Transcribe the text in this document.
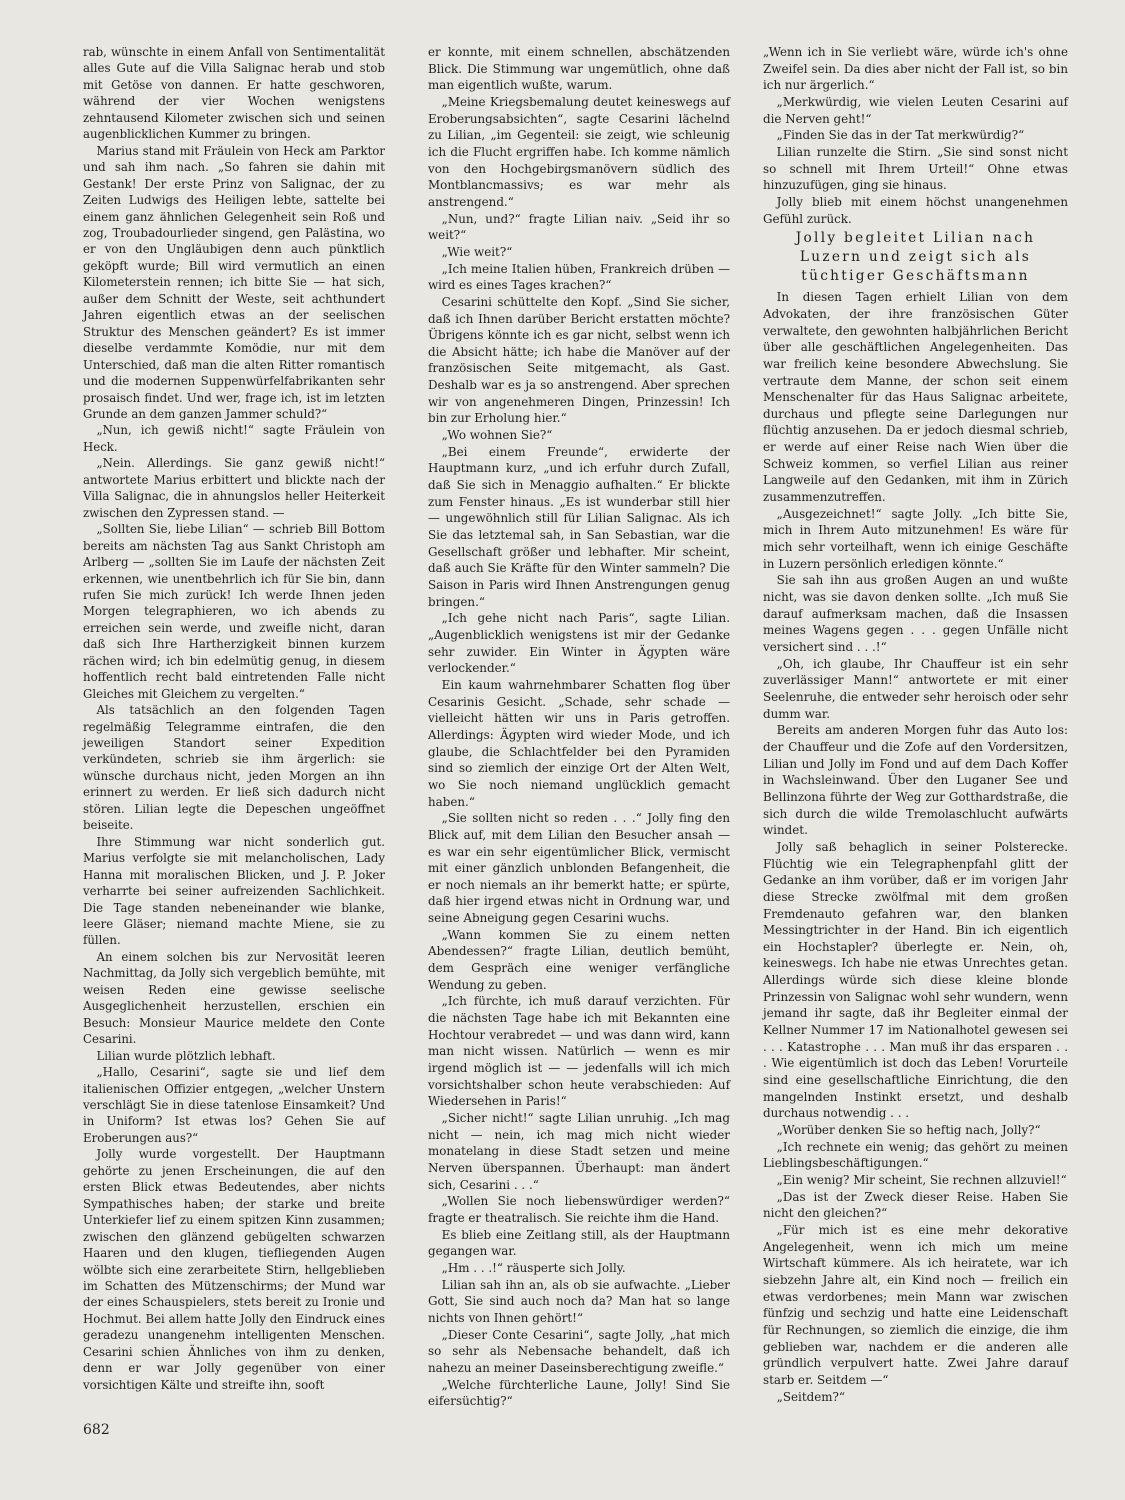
rab, wünschte in einem Anfall von Sentimentalität alles Gute auf die Villa Salignac herab und stob mit Getöse von dannen. Er hatte geschworen, während der vier Wochen wenigstens zehntausend Kilometer zwischen sich und seinen augenblicklichen Kummer zu bringen.

Marius stand mit Fräulein von Heck am Parktor und sah ihm nach. „So fahren sie dahin mit Gestank! Der erste Prinz von Salignac, der zu Zeiten Ludwigs des Heiligen lebte, sattelte bei einem ganz ähnlichen Gelegenheit sein Roß und zog, Troubadourlieder singend, gen Palästina, wo er von den Ungläubigen denn auch pünktlich geköpft wurde; Bill wird vermutlich an einen Kilometerstein rennen; ich bitte Sie — hat sich, außer dem Schnitt der Weste, seit achthundert Jahren eigentlich etwas an der seelischen Struktur des Menschen geändert? Es ist immer dieselbe verdammte Komödie, nur mit dem Unterschied, daß man die alten Ritter romantisch und die modernen Suppenwürfelfabrikanten sehr prosaisch findet. Und wer, frage ich, ist im letzten Grunde an dem ganzen Jammer schuld?“

„Nun, ich gewiß nicht!“ sagte Fräulein von Heck.

„Nein. Allerdings. Sie ganz gewiß nicht!“ antwortete Marius erbittert und blickte nach der Villa Salignac, die in ahnungslos heller Heiterkeit zwischen den Zypressen stand. —

„Sollten Sie, liebe Lilian“ — schrieb Bill Bottom bereits am nächsten Tag aus Sankt Christoph am Arlberg — „sollten Sie im Laufe der nächsten Zeit erkennen, wie unentbehrlich ich für Sie bin, dann rufen Sie mich zurück! Ich werde Ihnen jeden Morgen telegraphieren, wo ich abends zu erreichen sein werde, und zweifle nicht, daran daß sich Ihre Hartherzigkeit binnen kurzem rächen wird; ich bin edelmütig genug, in diesem hoffentlich recht bald eintretenden Falle nicht Gleiches mit Gleichem zu vergelten.“

Als tatsächlich an den folgenden Tagen regelmäßig Telegramme eintrafen, die den jeweiligen Standort seiner Expedition verkündeten, schrieb sie ihm ärgerlich: sie wünsche durchaus nicht, jeden Morgen an ihn erinnert zu werden. Er ließ sich dadurch nicht stören. Lilian legte die Depeschen ungeöffnet beiseite.

Ihre Stimmung war nicht sonderlich gut. Marius verfolgte sie mit melancholischen, Lady Hanna mit moralischen Blicken, und J. P. Joker verharrte bei seiner aufreizenden Sachlichkeit. Die Tage standen nebeneinander wie blanke, leere Gläser; niemand machte Miene, sie zu füllen.

An einem solchen bis zur Nervosität leeren Nachmittag, da Jolly sich vergeblich bemühte, mit weisen Reden eine gewisse seelische Ausgeglichenheit herzustellen, erschien ein Besuch: Monsieur Maurice meldete den Conte Cesarini.

Lilian wurde plötzlich lebhaft.

„Hallo, Cesarini“, sagte sie und lief dem italienischen Offizier entgegen, „welcher Unstern verschlägt Sie in diese tatenlose Einsamkeit? Und in Uniform? Ist etwas los? Gehen Sie auf Eroberungen aus?“

Jolly wurde vorgestellt. Der Hauptmann gehörte zu jenen Erscheinungen, die auf den ersten Blick etwas Bedeutendes, aber nichts Sympathisches haben; der starke und breite Unterkiefer lief zu einem spitzen Kinn zusammen; zwischen den glänzend gebügelten schwarzen Haaren und den klugen, tiefliegenden Augen wölbte sich eine zerarbeitete Stirn, hellgeblieben im Schatten des Mützenschirms; der Mund war der eines Schauspielers, stets bereit zu Ironie und Hochmut. Bei allem hatte Jolly den Eindruck eines geradezu unangenehm intelligenten Menschen. Cesarini schien Ähnliches von ihm zu denken, denn er war Jolly gegenüber von einer vorsichtigen Kälte und streifte ihn, sooft

er konnte, mit einem schnellen, abschätzenden Blick. Die Stimmung war ungemütlich, ohne daß man eigentlich wußte, warum.

„Meine Kriegsbemalung deutet keineswegs auf Eroberungsabsichten“, sagte Cesarini lächelnd zu Lilian, „im Gegenteil: sie zeigt, wie schleunig ich die Flucht ergriffen habe. Ich komme nämlich von den Hochgebirgsmanövern südlich des Montblancmassivs; es war mehr als anstrengend.“

„Nun, und?“ fragte Lilian naiv. „Seid ihr so weit?“

„Wie weit?“

„Ich meine Italien hüben, Frankreich drüben — wird es eines Tages krachen?“

Cesarini schüttelte den Kopf. „Sind Sie sicher, daß ich Ihnen darüber Bericht erstatten möchte? Übrigens könnte ich es gar nicht, selbst wenn ich die Absicht hätte; ich habe die Manöver auf der französischen Seite mitgemacht, als Gast. Deshalb war es ja so anstrengend. Aber sprechen wir von angenehmeren Dingen, Prinzessin! Ich bin zur Erholung hier.“

„Wo wohnen Sie?“

„Bei einem Freunde“, erwiderte der Hauptmann kurz, „und ich erfuhr durch Zufall, daß Sie sich in Menaggio aufhalten.“ Er blickte zum Fenster hinaus. „Es ist wunderbar still hier — ungewöhnlich still für Lilian Salignac. Als ich Sie das letztemal sah, in San Sebastian, war die Gesellschaft größer und lebhafter. Mir scheint, daß auch Sie Kräfte für den Winter sammeln? Die Saison in Paris wird Ihnen Anstrengungen genug bringen.“

„Ich gehe nicht nach Paris“, sagte Lilian. „Augenblicklich wenigstens ist mir der Gedanke sehr zuwider. Ein Winter in Ägypten wäre verlockender.“

Ein kaum wahrnehmbarer Schatten flog über Cesarinis Gesicht. „Schade, sehr schade — vielleicht hätten wir uns in Paris getroffen. Allerdings: Ägypten wird wieder Mode, und ich glaube, die Schlachtfelder bei den Pyramiden sind so ziemlich der einzige Ort der Alten Welt, wo Sie noch niemand unglücklich gemacht haben.“

„Sie sollten nicht so reden . . .“ Jolly fing den Blick auf, mit dem Lilian den Besucher ansah — es war ein sehr eigentümlicher Blick, vermischt mit einer gänzlich unblonden Befangenheit, die er noch niemals an ihr bemerkt hatte; er spürte, daß hier irgend etwas nicht in Ordnung war, und seine Abneigung gegen Cesarini wuchs.

„Wann kommen Sie zu einem netten Abendessen?“ fragte Lilian, deutlich bemüht, dem Gespräch eine weniger verfängliche Wendung zu geben.

„Ich fürchte, ich muß darauf verzichten. Für die nächsten Tage habe ich mit Bekannten eine Hochtour verabredet — und was dann wird, kann man nicht wissen. Natürlich — wenn es mir irgend möglich ist — — jedenfalls will ich mich vorsichtshalber schon heute verabschieden: Auf Wiedersehen in Paris!“

„Sicher nicht!“ sagte Lilian unruhig. „Ich mag nicht — nein, ich mag mich nicht wieder monatelang in diese Stadt setzen und meine Nerven überspannen. Überhaupt: man ändert sich, Cesarini . . .“

„Wollen Sie noch liebenswürdiger werden?“ fragte er theatralisch. Sie reichte ihm die Hand.

Es blieb eine Zeitlang still, als der Hauptmann gegangen war.

„Hm . . .!“ räusperte sich Jolly.

Lilian sah ihn an, als ob sie aufwachte. „Lieber Gott, Sie sind auch noch da? Man hat so lange nichts von Ihnen gehört!“

„Dieser Conte Cesarini“, sagte Jolly, „hat mich so sehr als Nebensache behandelt, daß ich nahezu an meiner Daseinsberechtigung zweifle.“

„Welche fürchterliche Laune, Jolly! Sind Sie eifersüchtig?“

„Wenn ich in Sie verliebt wäre, würde ich's ohne Zweifel sein. Da dies aber nicht der Fall ist, so bin ich nur ärgerlich.“

„Merkwürdig, wie vielen Leuten Cesarini auf die Nerven geht!“

„Finden Sie das in der Tat merkwürdig?“

Lilian runzelte die Stirn. „Sie sind sonst nicht so schnell mit Ihrem Urteil!“ Ohne etwas hinzuzufügen, ging sie hinaus.

Jolly blieb mit einem höchst unangenehmen Gefühl zurück.

Jolly begleitet Lilian nach Luzern und zeigt sich als tüchtiger Geschäftsmann

In diesen Tagen erhielt Lilian von dem Advokaten, der ihre französischen Güter verwaltete, den gewohnten halbjährlichen Bericht über alle geschäftlichen Angelegenheiten. Das war freilich keine besondere Abwechslung. Sie vertraute dem Manne, der schon seit einem Menschenalter für das Haus Salignac arbeitete, durchaus und pflegte seine Darlegungen nur flüchtig anzusehen. Da er jedoch diesmal schrieb, er werde auf einer Reise nach Wien über die Schweiz kommen, so verfiel Lilian aus reiner Langweile auf den Gedanken, mit ihm in Zürich zusammenzutreffen.

„Ausgezeichnet!“ sagte Jolly. „Ich bitte Sie, mich in Ihrem Auto mitzunehmen! Es wäre für mich sehr vorteilhaft, wenn ich einige Geschäfte in Luzern persönlich erledigen könnte.“

Sie sah ihn aus großen Augen an und wußte nicht, was sie davon denken sollte. „Ich muß Sie darauf aufmerksam machen, daß die Insassen meines Wagens gegen . . . gegen Unfälle nicht versichert sind . . .!“

„Oh, ich glaube, Ihr Chauffeur ist ein sehr zuverlässiger Mann!“ antwortete er mit einer Seelenruhe, die entweder sehr heroisch oder sehr dumm war.

Bereits am anderen Morgen fuhr das Auto los: der Chauffeur und die Zofe auf den Vordersitzen, Lilian und Jolly im Fond und auf dem Dach Koffer in Wachsleinwand. Über den Luganer See und Bellinzona führte der Weg zur Gotthardstraße, die sich durch die wilde Tremolaschlucht aufwärts windet.

Jolly saß behaglich in seiner Polsterecke. Flüchtig wie ein Telegraphenpfahl glitt der Gedanke an ihm vorüber, daß er im vorigen Jahr diese Strecke zwölfmal mit dem großen Fremdenauto gefahren war, den blanken Messingtrichter in der Hand. Bin ich eigentlich ein Hochstapler? überlegte er. Nein, oh, keineswegs. Ich habe nie etwas Unrechtes getan. Allerdings würde sich diese kleine blonde Prinzessin von Salignac wohl sehr wundern, wenn jemand ihr sagte, daß ihr Begleiter einmal der Kellner Nummer 17 im Nationalhotel gewesen sei . . . Katastrophe . . . Man muß ihr das ersparen . . . Wie eigentümlich ist doch das Leben! Vorurteile sind eine gesellschaftliche Einrichtung, die den mangelnden Instinkt ersetzt, und deshalb durchaus notwendig . . .

„Worüber denken Sie so heftig nach, Jolly?“

„Ich rechnete ein wenig; das gehört zu meinen Lieblingsbeschäftigungen.“

„Ein wenig? Mir scheint, Sie rechnen allzuviel!“

„Das ist der Zweck dieser Reise. Haben Sie nicht den gleichen?“

„Für mich ist es eine mehr dekorative Angelegenheit, wenn ich mich um meine Wirtschaft kümmere. Als ich heiratete, war ich siebzehn Jahre alt, ein Kind noch — freilich ein etwas verdorbenes; mein Mann war zwischen fünfzig und sechzig und hatte eine Leidenschaft für Rechnungen, so ziemlich die einzige, die ihm geblieben war, nachdem er die anderen alle gründlich verpulvert hatte. Zwei Jahre darauf starb er. Seitdem —“

„Seitdem?“

682
